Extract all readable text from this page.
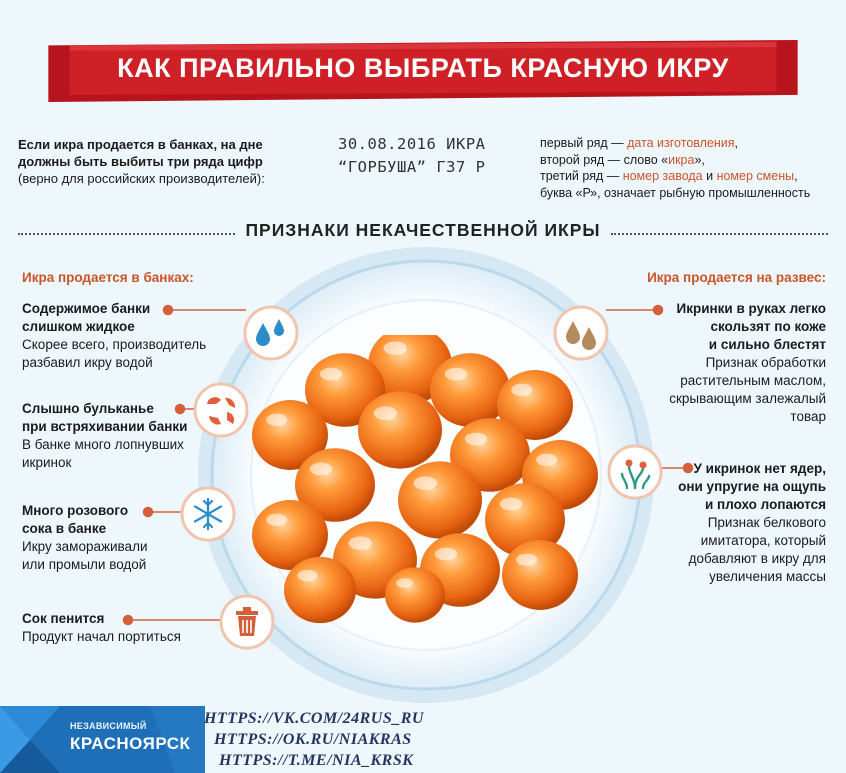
КАК ПРАВИЛЬНО ВЫБРАТЬ КРАСНУЮ ИКРУ
Если икра продается в банках, на дне
должны быть выбиты три ряда цифр
(верно для российских производителей):
30.08.2016 ИКРА
“ГОРБУША” Г37 Р
первый ряд — дата изготовления,
второй ряд — слово «икра»,
третий ряд — номер завода и номер смены,
буква «Р», означает рыбную промышленность
ПРИЗНАКИ НЕКАЧЕСТВЕННОЙ ИКРЫ
Икра продается в банках:	Икра продается на развес:
Содержимое банки
слишком жидкое
Скорее всего, производитель
разбавил икру водой
Слышно бульканье
при встряхивании банки
В банке много лопнувших
икринок
Много розового
сока в банке
Икру замораживали
или промыли водой
Сок пенится
Продукт начал портиться
Икринки в руках легко
скользят по коже
и сильно блестят
Признак обработки
растительным маслом,
скрывающим залежалый
товар
У икринок нет ядер,
они упругие на ощупь
и плохо лопаются
Признак белкового
имитатора, который
добавляют в икру для
увеличения массы
НЕЗАВИСИМЫЙ
КРАСНОЯРСК
HTTPS://VK.COM/24RUS_RU
HTTPS://OK.RU/NIAKRAS
HTTPS://T.ME/NIA_KRSK
